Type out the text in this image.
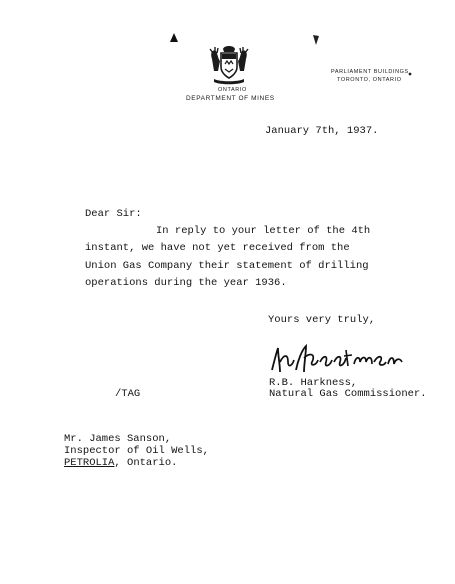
ONTARIO
DEPARTMENT OF MINES
PARLIAMENT BUILDINGS
TORONTO, ONTARIO
January 7th, 1937.
Dear Sir:
In reply to your letter of the 4th
instant, we have not yet received from the
Union Gas Company their statement of drilling
operations during the year 1936.
Yours very truly,
R.B. Harkness,
Natural Gas Commissioner.
/TAG
Mr. James Sanson,
Inspector of Oil Wells,
PETROLIA, Ontario.
